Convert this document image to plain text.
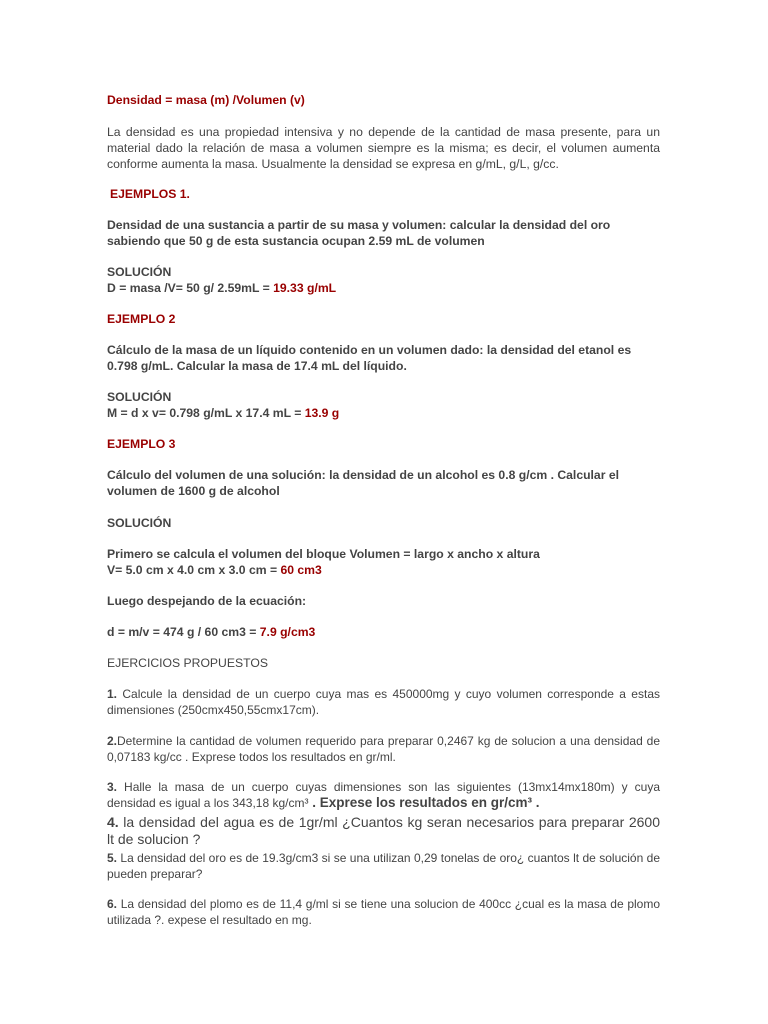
Densidad = masa (m) /Volumen (v)
La densidad es una propiedad intensiva y no depende de la cantidad de masa presente, para un material dado la relación de masa a volumen siempre es la misma; es decir, el volumen aumenta conforme aumenta la masa. Usualmente la densidad se expresa en g/mL, g/L, g/cc.
EJEMPLOS 1.
Densidad de una sustancia a partir de su masa y volumen: calcular la densidad del oro sabiendo que 50 g de esta sustancia ocupan 2.59 mL de volumen
SOLUCIÓN
D = masa /V= 50 g/ 2.59mL = 19.33 g/mL
EJEMPLO 2
Cálculo de la masa de un líquido contenido en un volumen dado: la densidad del etanol es 0.798 g/mL. Calcular la masa de 17.4 mL del líquido.
SOLUCIÓN
M = d x v= 0.798 g/mL x 17.4 mL = 13.9 g
EJEMPLO 3
Cálculo del volumen de una solución: la densidad de un alcohol es 0.8 g/cm . Calcular el volumen de 1600 g de alcohol
SOLUCIÓN
Primero se calcula el volumen del bloque Volumen = largo x ancho x altura
V= 5.0 cm x 4.0 cm x 3.0 cm = 60 cm3
Luego despejando de la ecuación:
d = m/v = 474 g / 60 cm3 = 7.9 g/cm3
EJERCICIOS PROPUESTOS
1. Calcule la densidad de un cuerpo cuya mas es 450000mg y cuyo volumen corresponde a estas dimensiones (250cmx450,55cmx17cm).
2.Determine la cantidad de volumen requerido para preparar 0,2467 kg de solucion a una densidad de 0,07183 kg/cc . Exprese todos los resultados en gr/ml.
3. Halle la masa de un cuerpo cuyas dimensiones son las siguientes (13mx14mx180m) y cuya densidad es igual a los 343,18 kg/cm³ . Exprese los resultados en gr/cm³ .
4. la densidad del agua es de 1gr/ml ¿Cuantos kg seran necesarios para preparar 2600 lt de solucion ?
5. La densidad del oro es de 19.3g/cm3 si se una utilizan 0,29 tonelas de oro¿ cuantos lt de solución de pueden preparar?
6. La densidad del plomo es de 11,4 g/ml si se tiene una solucion de 400cc ¿cual es la masa de plomo utilizada ?. expese el resultado en mg.
